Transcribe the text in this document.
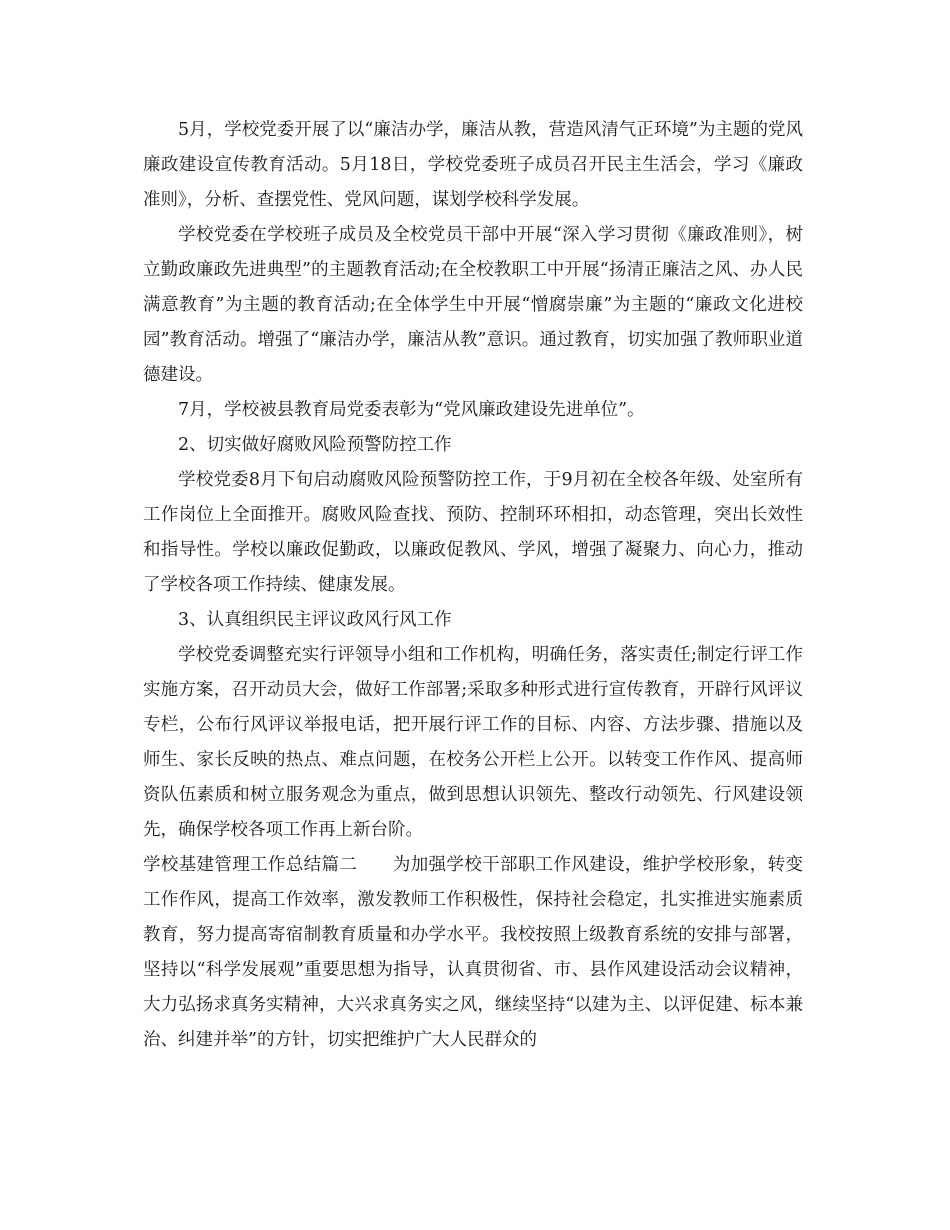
5月，学校党委开展了以“廉洁办学，廉洁从教，营造风清气正环境”为主题的党风廉政建设宣传教育活动。5月18日，学校党委班子成员召开民主生活会，学习《廉政准则》，分析、查摆党性、党风问题，谋划学校科学发展。

学校党委在学校班子成员及全校党员干部中开展“深入学习贯彻《廉政准则》，树立勤政廉政先进典型”的主题教育活动;在全校教职工中开展“扬清正廉洁之风、办人民满意教育”为主题的教育活动;在全体学生中开展“憎腐崇廉”为主题的“廉政文化进校园”教育活动。增强了“廉洁办学，廉洁从教”意识。通过教育，切实加强了教师职业道德建设。

7月，学校被县教育局党委表彰为“党风廉政建设先进单位”。

2、切实做好腐败风险预警防控工作

学校党委8月下旬启动腐败风险预警防控工作，于9月初在全校各年级、处室所有工作岗位上全面推开。腐败风险查找、预防、控制环环相扣，动态管理，突出长效性和指导性。学校以廉政促勤政，以廉政促教风、学风，增强了凝聚力、向心力，推动了学校各项工作持续、健康发展。

3、认真组织民主评议政风行风工作

学校党委调整充实行评领导小组和工作机构，明确任务，落实责任;制定行评工作实施方案，召开动员大会，做好工作部署;采取多种形式进行宣传教育，开辟行风评议专栏，公布行风评议举报电话，把开展行评工作的目标、内容、方法步骤、措施以及师生、家长反映的热点、难点问题，在校务公开栏上公开。以转变工作作风、提高师资队伍素质和树立服务观念为重点，做到思想认识领先、整改行动领先、行风建设领先，确保学校各项工作再上新台阶。

学校基建管理工作总结篇二　　为加强学校干部职工作风建设，维护学校形象，转变工作作风，提高工作效率，激发教师工作积极性，保持社会稳定，扎实推进实施素质教育，努力提高寄宿制教育质量和办学水平。我校按照上级教育系统的安排与部署，坚持以“科学发展观”重要思想为指导，认真贯彻省、市、县作风建设活动会议精神，大力弘扬求真务实精神，大兴求真务实之风，继续坚持“以建为主、以评促建、标本兼治、纠建并举”的方针，切实把维护广大人民群众的
